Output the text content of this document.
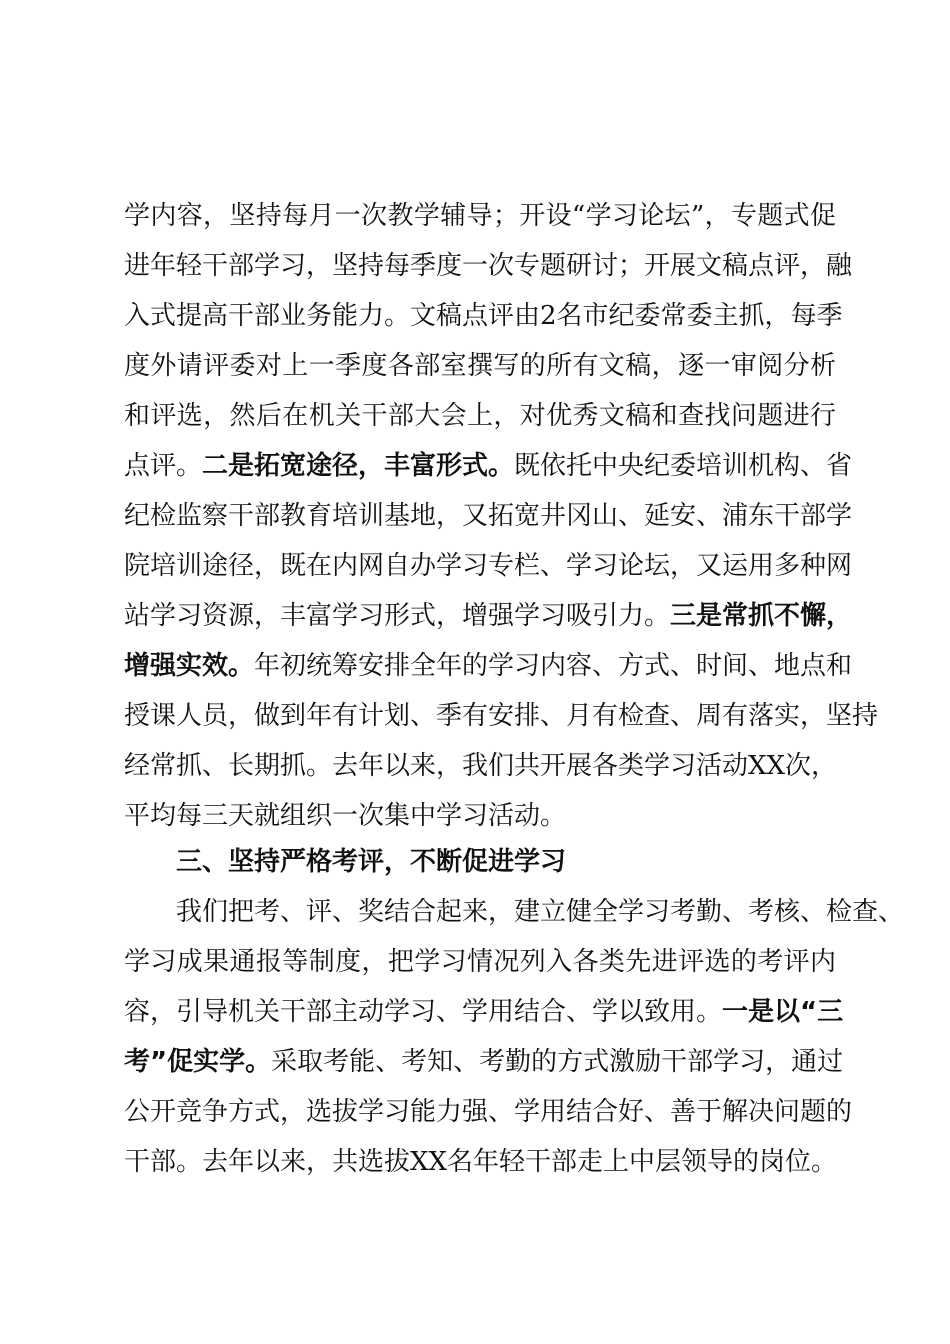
学内容，坚持每月一次教学辅导；开设“学习论坛”，专题式促
进年轻干部学习，坚持每季度一次专题研讨；开展文稿点评，融
入式提高干部业务能力。文稿点评由2名市纪委常委主抓，每季
度外请评委对上一季度各部室撰写的所有文稿，逐一审阅分析
和评选，然后在机关干部大会上，对优秀文稿和查找问题进行
点评。二是拓宽途径，丰富形式。既依托中央纪委培训机构、省
纪检监察干部教育培训基地，又拓宽井冈山、延安、浦东干部学
院培训途径，既在内网自办学习专栏、学习论坛，又运用多种网
站学习资源，丰富学习形式，增强学习吸引力。三是常抓不懈，
增强实效。年初统筹安排全年的学习内容、方式、时间、地点和
授课人员，做到年有计划、季有安排、月有检查、周有落实，坚持
经常抓、长期抓。去年以来，我们共开展各类学习活动XX次，
平均每三天就组织一次集中学习活动。
三、坚持严格考评，不断促进学习
我们把考、评、奖结合起来，建立健全学习考勤、考核、检查、
学习成果通报等制度，把学习情况列入各类先进评选的考评内
容，引导机关干部主动学习、学用结合、学以致用。一是以“三
考”促实学。采取考能、考知、考勤的方式激励干部学习，通过
公开竞争方式，选拔学习能力强、学用结合好、善于解决问题的
干部。去年以来，共选拔XX名年轻干部走上中层领导的岗位。
